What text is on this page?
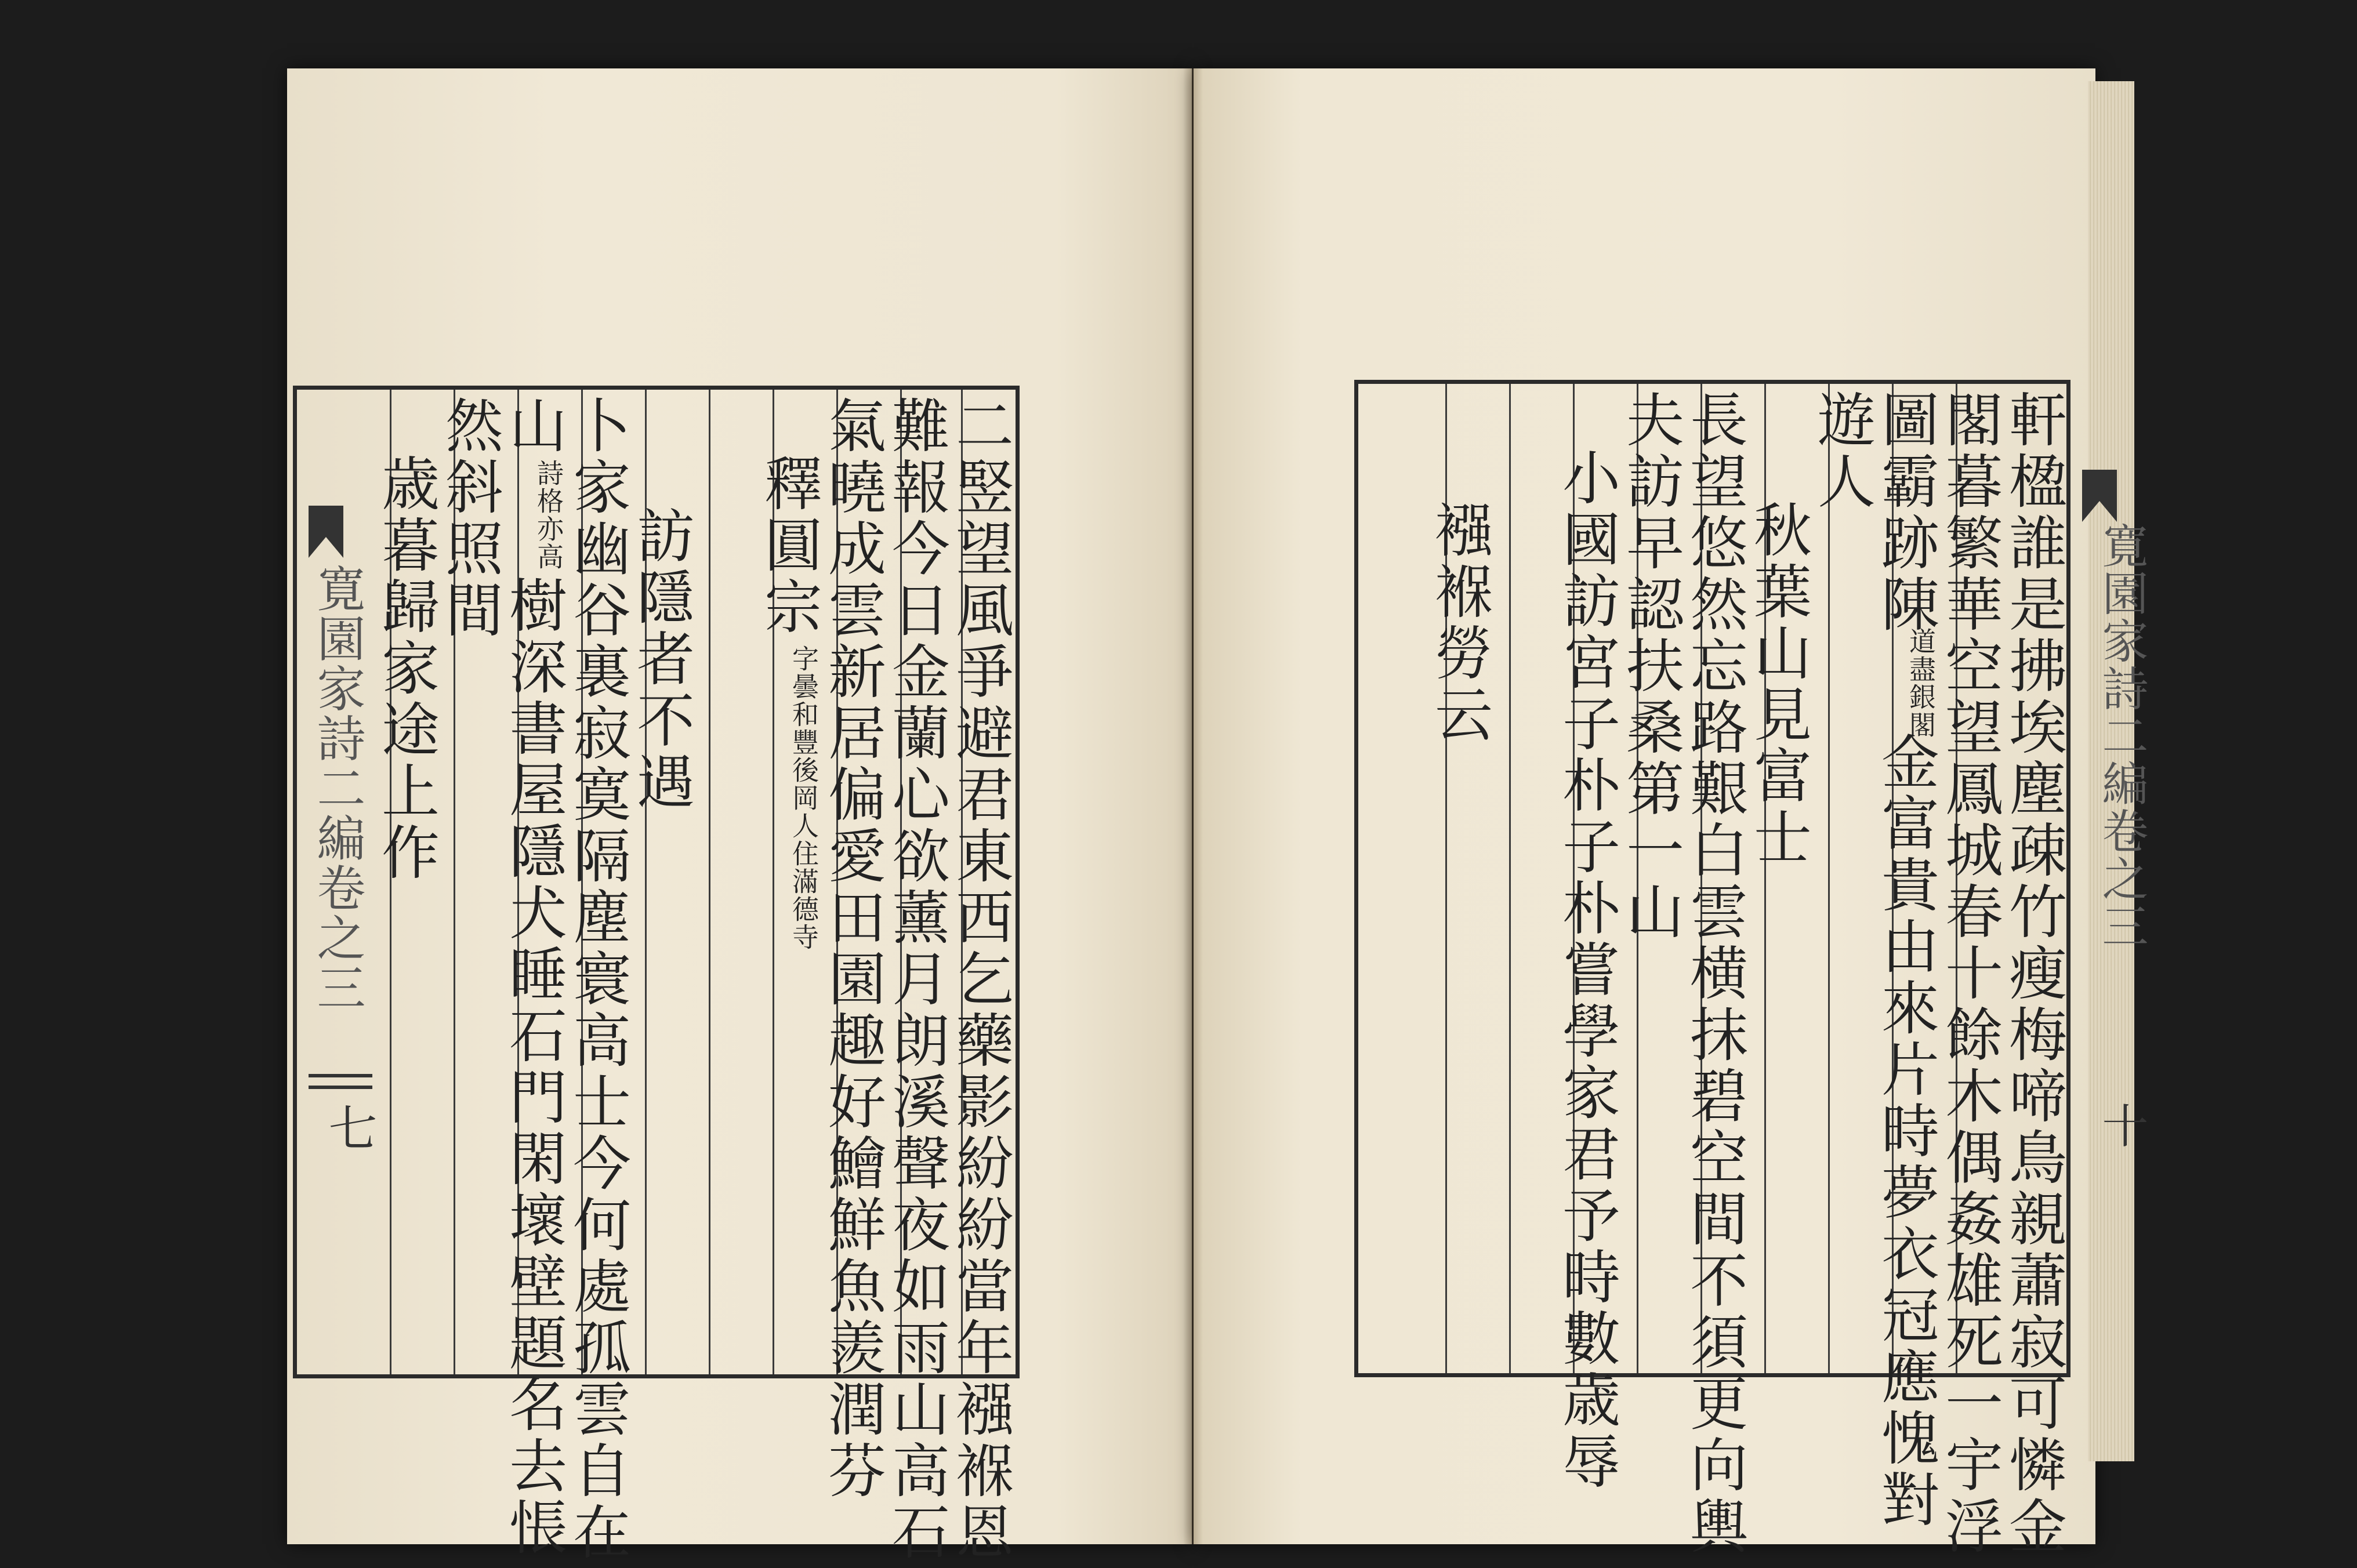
二竪望風爭避君東西乞藥影紛紛當年襁褓恩
難報今日金蘭心欲薰月朗溪聲夜如雨山高石
氣曉成雲新居偏愛田園趣好鱠鮮魚羨潤芬
釋圓宗
字曇和豐後岡人住滿德寺
訪隱者不遇
卜家幽谷裏寂寞隔塵寰高士今何處孤雲自在
山
詩格亦高
樹深書屋隱犬睡石門閑壞壁題名去悵
然斜照間
歳暮歸家途上作
寛園家詩二編卷之三
七	軒楹誰是拂埃塵疎竹瘦梅啼鳥親蕭寂可憐金
閣暮繁華空望鳳城春十餘木偶姦雄死一宇浮
圖霸跡陳
道盡銀閣
金富貴由來片時夢衣冠應愧對
遊人
秋葉山見富士
長望悠然忘路艱白雲横抹碧空間不須更向輿
夫訪早認扶桑第一山
小國訪宮子朴子朴嘗學家君予時數歳辱
襁褓勞云	寛園家詩二編卷之三
十
